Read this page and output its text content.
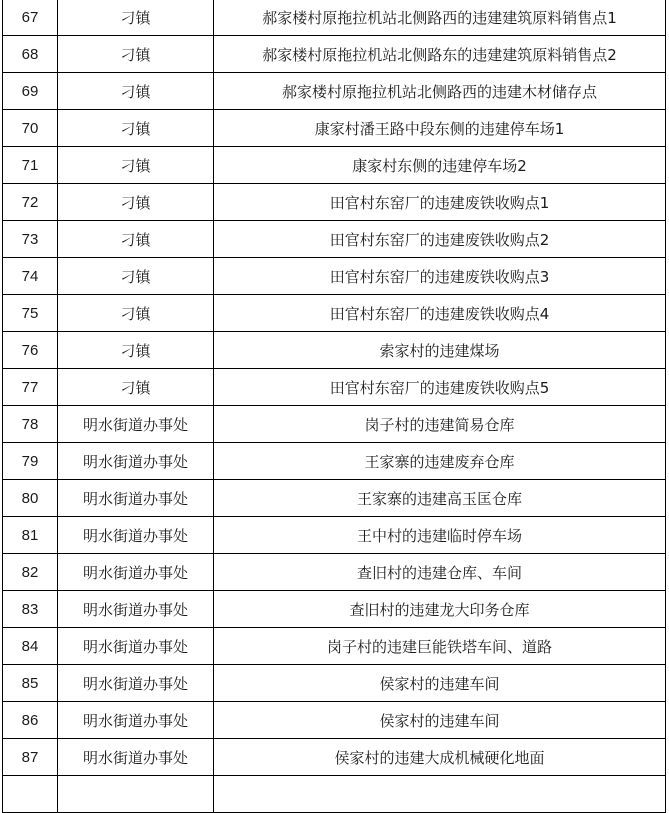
67	刁镇	郝家楼村原拖拉机站北侧路西的违建建筑原料销售点1
68	刁镇	郝家楼村原拖拉机站北侧路东的违建建筑原料销售点2
69	刁镇	郝家楼村原拖拉机站北侧路西的违建木材储存点
70	刁镇	康家村潘王路中段东侧的违建停车场1
71	刁镇	康家村东侧的违建停车场2
72	刁镇	田官村东窑厂的违建废铁收购点1
73	刁镇	田官村东窑厂的违建废铁收购点2
74	刁镇	田官村东窑厂的违建废铁收购点3
75	刁镇	田官村东窑厂的违建废铁收购点4
76	刁镇	索家村的违建煤场
77	刁镇	田官村东窑厂的违建废铁收购点5
78	明水街道办事处	岗子村的违建简易仓库
79	明水街道办事处	王家寨的违建废弃仓库
80	明水街道办事处	王家寨的违建高玉匡仓库
81	明水街道办事处	王中村的违建临时停车场
82	明水街道办事处	查旧村的违建仓库、车间
83	明水街道办事处	查旧村的违建龙大印务仓库
84	明水街道办事处	岗子村的违建巨能铁塔车间、道路
85	明水街道办事处	侯家村的违建车间
86	明水街道办事处	侯家村的违建车间
87	明水街道办事处	侯家村的违建大成机械硬化地面
